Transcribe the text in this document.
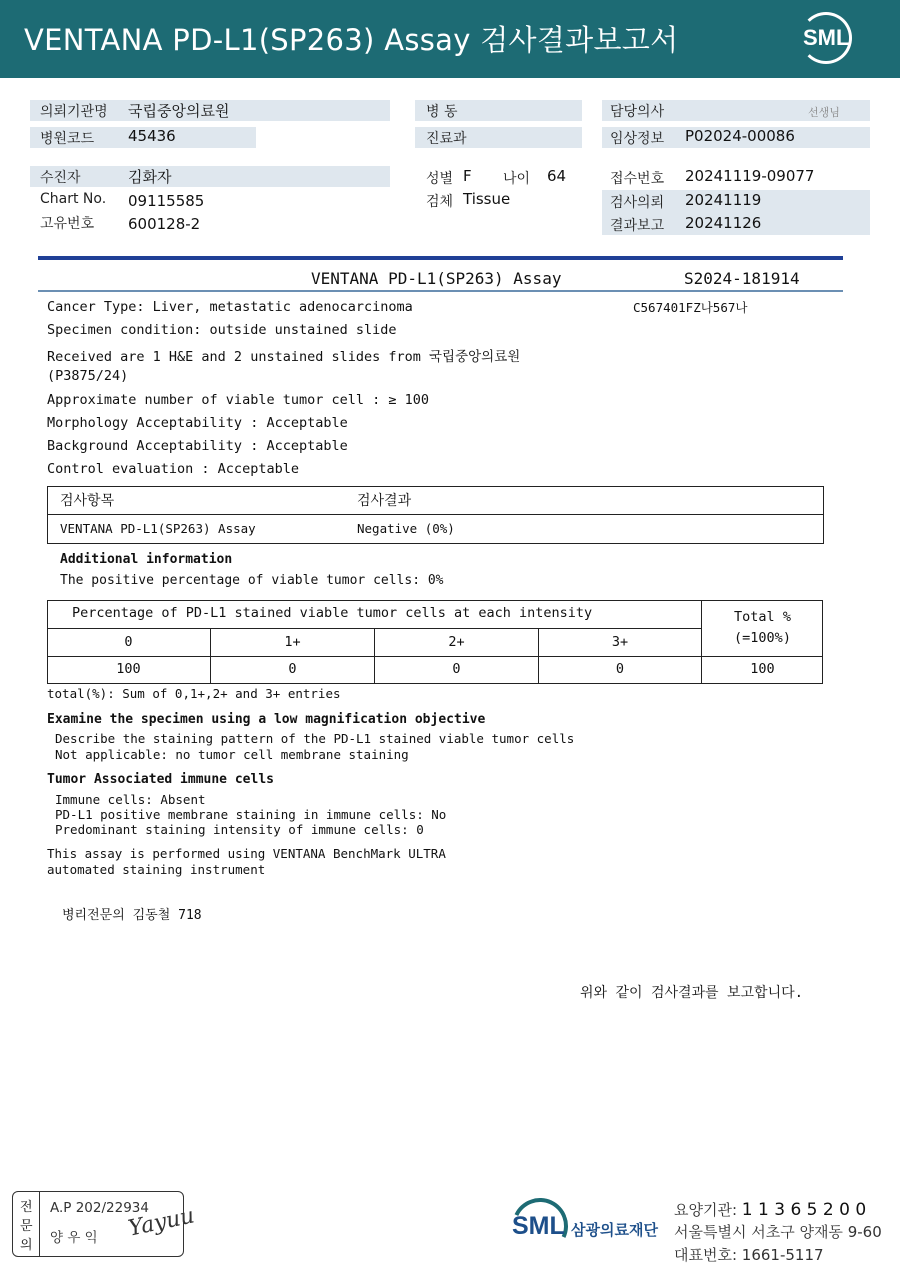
VENTANA PD-L1(SP263) Assay 검사결과보고서	SML
의뢰기관명 국립중앙의료원
병원코드 45436
병 동
진료과
담당의사	선생님
임상정보 P02024-00086
수진자	김화자
Chart No. 09115585
고유번호 600128-2
성별 F 나이 64
검체 Tissue
접수번호 20241119-09077
검사의뢰 20241119
결과보고 20241126
VENTANA PD-L1(SP263) Assay	S2024-181914
C567401FZ나567나
Cancer Type: Liver, metastatic adenocarcinoma
Specimen condition: outside unstained slide
Received are 1 H&E and 2 unstained slides from 국립중앙의료원
(P3875/24)
Approximate number of viable tumor cell : ≥ 100
Morphology Acceptability : Acceptable
Background Acceptability : Acceptable
Control evaluation : Acceptable
검사항목	검사결과
VENTANA PD-L1(SP263) Assay	Negative (0%)
Additional information
The positive percentage of viable tumor cells: 0%
Percentage of PD-L1 stained viable tumor cells at each intensity	Total %
(=100%)
0	1+	2+	3+
100	0	0	0	100
total(%): Sum of 0,1+,2+ and 3+ entries
Examine the specimen using a low magnification objective
Describe the staining pattern of the PD-L1 stained viable tumor cells
Not applicable: no tumor cell membrane staining
Tumor Associated immune cells
Immune cells: Absent
PD-L1 positive membrane staining in immune cells: No
Predominant staining intensity of immune cells: 0
This assay is performed using VENTANA BenchMark ULTRA
automated staining instrument
병리전문의 김동철 718
위와 같이 검사결과를 보고합니다.
전
문
의
A.P 202/22934
양 우 익 Yayuu	SML 삼광의료재단
요양기관: 1 1 3 6 5 2 0 0
서울특별시 서초구 양재동 9-60
대표번호: 1661-5117
